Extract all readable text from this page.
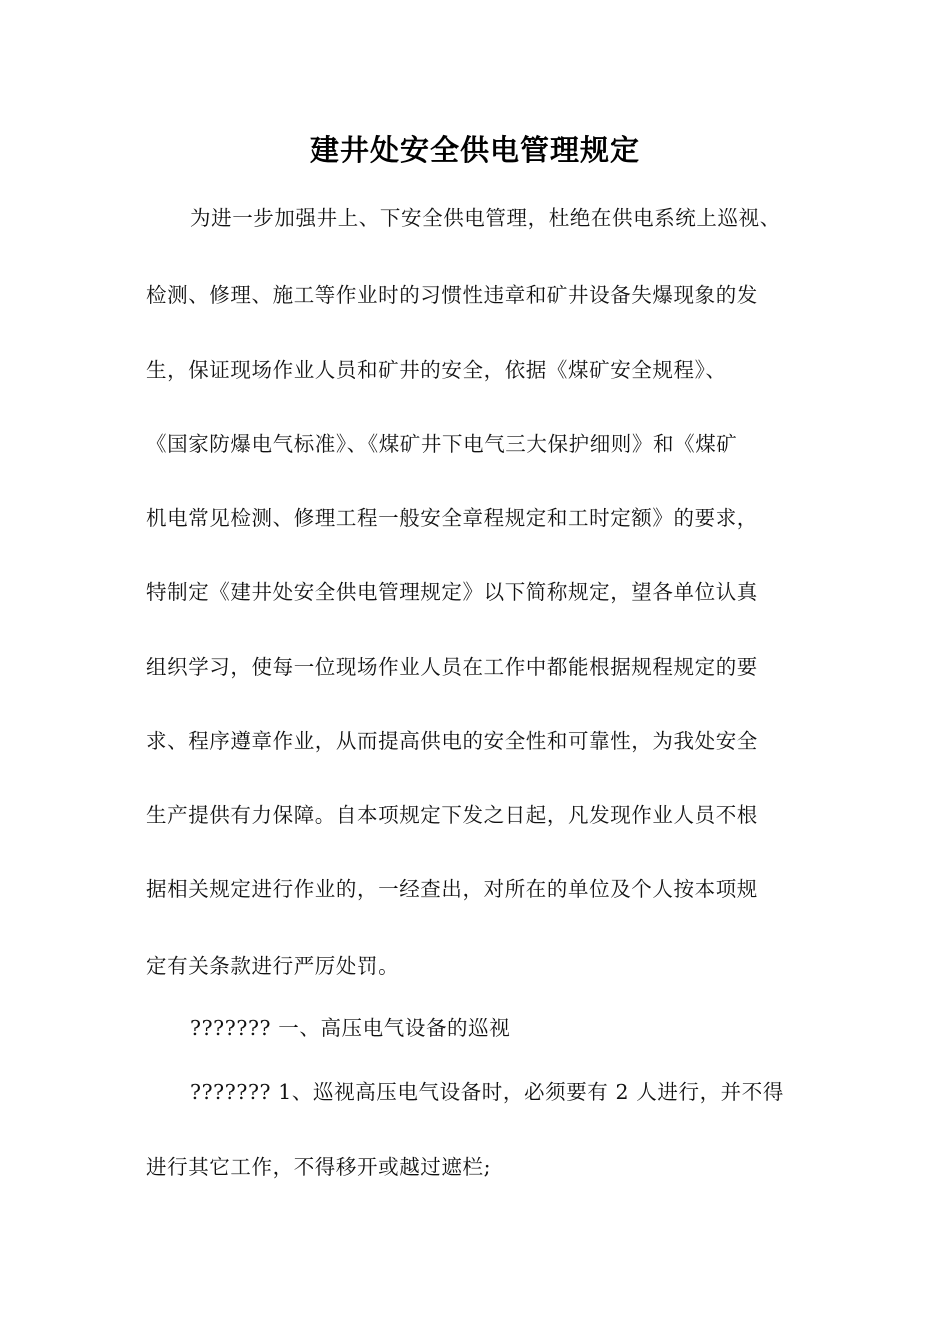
建井处安全供电管理规定
为进一步加强井上、下安全供电管理，杜绝在供电系统上巡视、
检测、修理、施工等作业时的习惯性违章和矿井设备失爆现象的发
生，保证现场作业人员和矿井的安全，依据《煤矿安全规程》、
《国家防爆电气标准》、《煤矿井下电气三大保护细则》和《煤矿
机电常见检测、修理工程一般安全章程规定和工时定额》的要求，
特制定《建井处安全供电管理规定》以下简称规定，望各单位认真
组织学习，使每一位现场作业人员在工作中都能根据规程规定的要
求、程序遵章作业，从而提高供电的安全性和可靠性，为我处安全
生产提供有力保障。自本项规定下发之日起，凡发现作业人员不根
据相关规定进行作业的，一经查出，对所在的单位及个人按本项规
定有关条款进行严厉处罚。
??????? 一、高压电气设备的巡视
??????? 1、巡视高压电气设备时，必须要有 2 人进行，并不得
进行其它工作，不得移开或越过遮栏;
